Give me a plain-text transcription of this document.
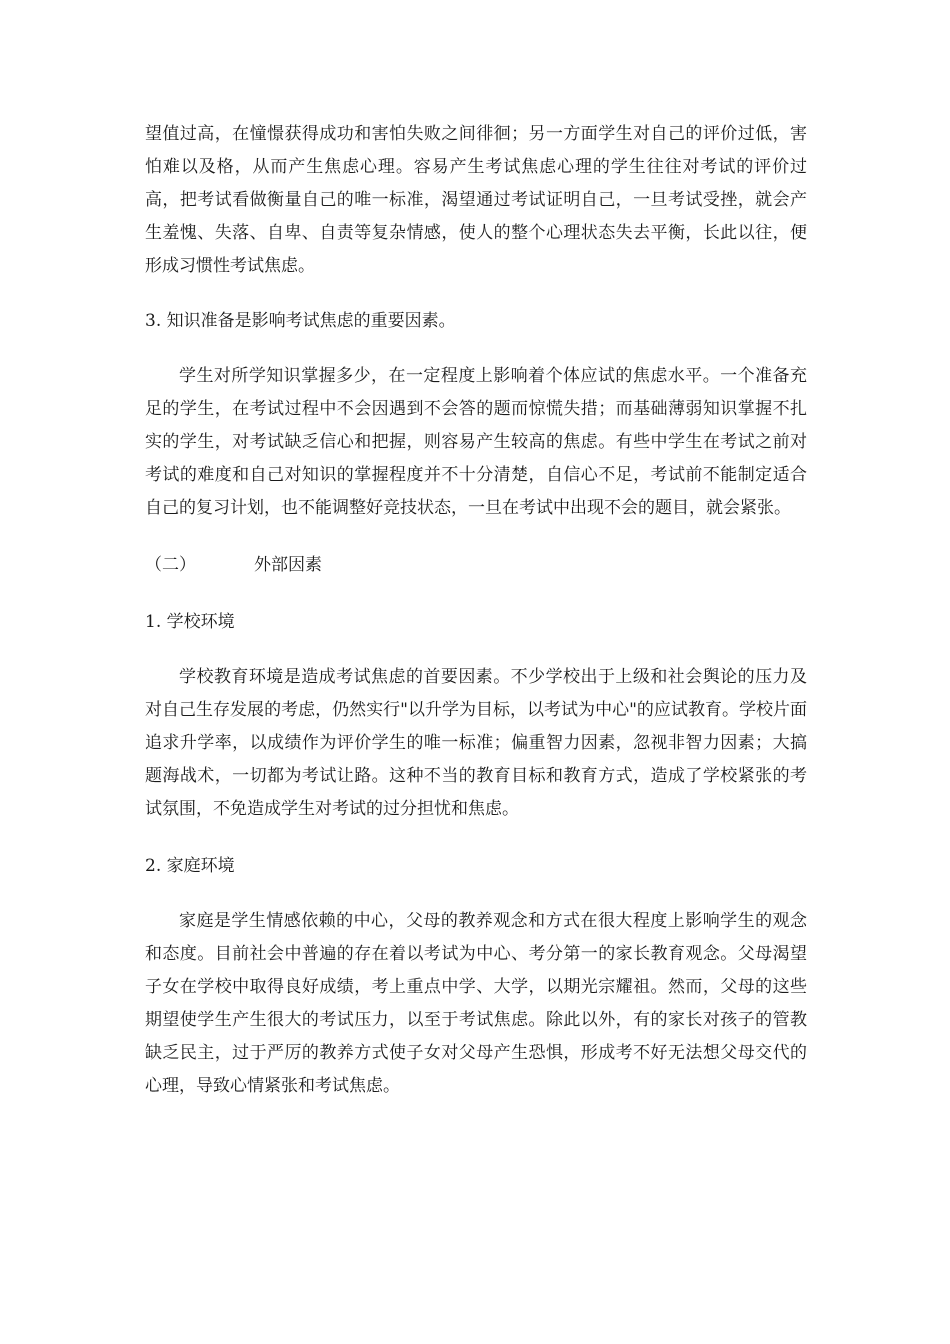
望值过高，在憧憬获得成功和害怕失败之间徘徊；另一方面学生对自己的评价过低，害怕难以及格，从而产生焦虑心理。容易产生考试焦虑心理的学生往往对考试的评价过高，把考试看做衡量自己的唯一标准，渴望通过考试证明自己，一旦考试受挫，就会产生羞愧、失落、自卑、自责等复杂情感，使人的整个心理状态失去平衡，长此以往，便形成习惯性考试焦虑。

3. 知识准备是影响考试焦虑的重要因素。

学生对所学知识掌握多少，在一定程度上影响着个体应试的焦虑水平。一个准备充足的学生，在考试过程中不会因遇到不会答的题而惊慌失措；而基础薄弱知识掌握不扎实的学生，对考试缺乏信心和把握，则容易产生较高的焦虑。有些中学生在考试之前对考试的难度和自己对知识的掌握程度并不十分清楚，自信心不足，考试前不能制定适合自己的复习计划，也不能调整好竞技状态，一旦在考试中出现不会的题目，就会紧张。

（二）	外部因素

1. 学校环境

学校教育环境是造成考试焦虑的首要因素。不少学校出于上级和社会舆论的压力及对自己生存发展的考虑，仍然实行"以升学为目标，以考试为中心"的应试教育。学校片面追求升学率，以成绩作为评价学生的唯一标准；偏重智力因素，忽视非智力因素；大搞题海战术，一切都为考试让路。这种不当的教育目标和教育方式，造成了学校紧张的考试氛围，不免造成学生对考试的过分担忧和焦虑。

2. 家庭环境

家庭是学生情感依赖的中心，父母的教养观念和方式在很大程度上影响学生的观念和态度。目前社会中普遍的存在着以考试为中心、考分第一的家长教育观念。父母渴望子女在学校中取得良好成绩，考上重点中学、大学，以期光宗耀祖。然而，父母的这些期望使学生产生很大的考试压力，以至于考试焦虑。除此以外，有的家长对孩子的管教缺乏民主，过于严厉的教养方式使子女对父母产生恐惧，形成考不好无法想父母交代的心理，导致心情紧张和考试焦虑。
